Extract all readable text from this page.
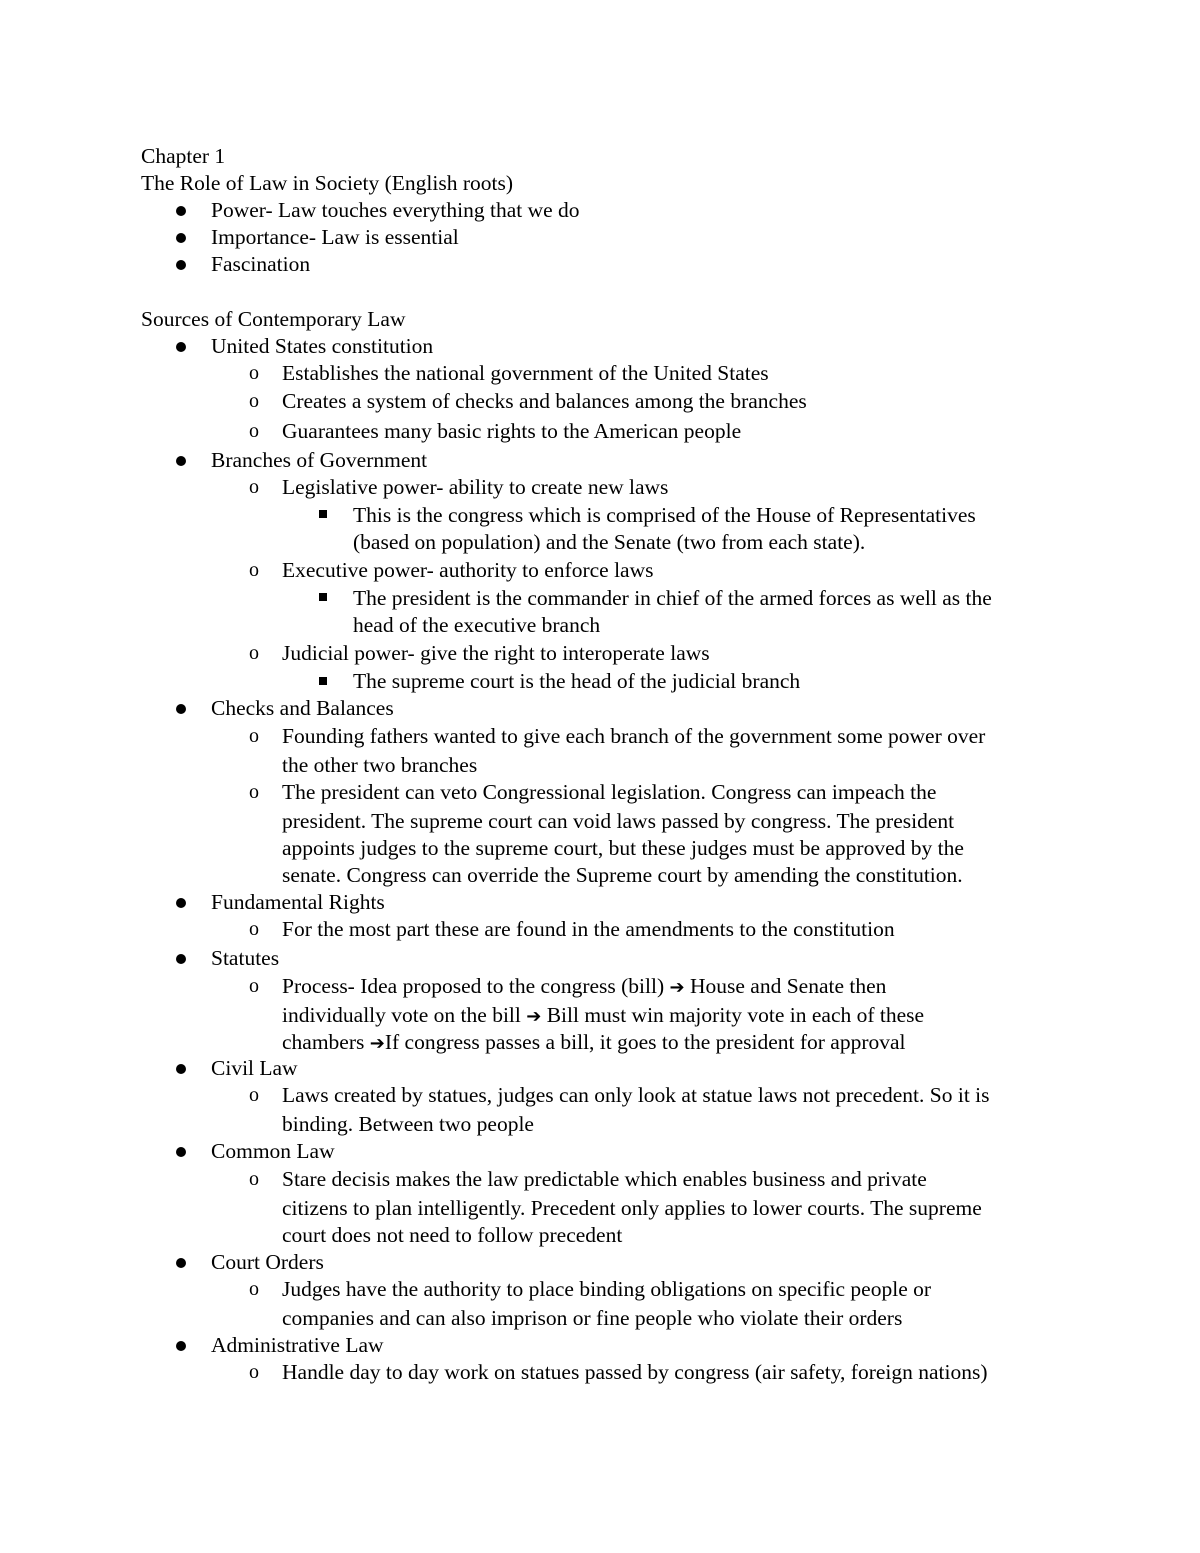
Chapter 1
The Role of Law in Society (English roots)
Power- Law touches everything that we do
Importance- Law is essential
Fascination
Sources of Contemporary Law
United States constitution
o Establishes the national government of the United States
o Creates a system of checks and balances among the branches
o Guarantees many basic rights to the American people
Branches of Government
o Legislative power- ability to create new laws
This is the congress which is comprised of the House of Representatives
(based on population) and the Senate (two from each state).
o Executive power- authority to enforce laws
The president is the commander in chief of the armed forces as well as the
head of the executive branch
o Judicial power- give the right to interoperate laws
The supreme court is the head of the judicial branch
Checks and Balances
o Founding fathers wanted to give each branch of the government some power over
the other two branches
o The president can veto Congressional legislation. Congress can impeach the
president. The supreme court can void laws passed by congress. The president
appoints judges to the supreme court, but these judges must be approved by the
senate. Congress can override the Supreme court by amending the constitution.
Fundamental Rights
o For the most part these are found in the amendments to the constitution
Statutes
o Process- Idea proposed to the congress (bill) ➔ House and Senate then
individually vote on the bill ➔ Bill must win majority vote in each of these
chambers ➔If congress passes a bill, it goes to the president for approval
Civil Law
o Laws created by statues, judges can only look at statue laws not precedent. So it is
binding. Between two people
Common Law
o Stare decisis makes the law predictable which enables business and private
citizens to plan intelligently. Precedent only applies to lower courts. The supreme
court does not need to follow precedent
Court Orders
o Judges have the authority to place binding obligations on specific people or
companies and can also imprison or fine people who violate their orders
Administrative Law
o Handle day to day work on statues passed by congress (air safety, foreign nations)
